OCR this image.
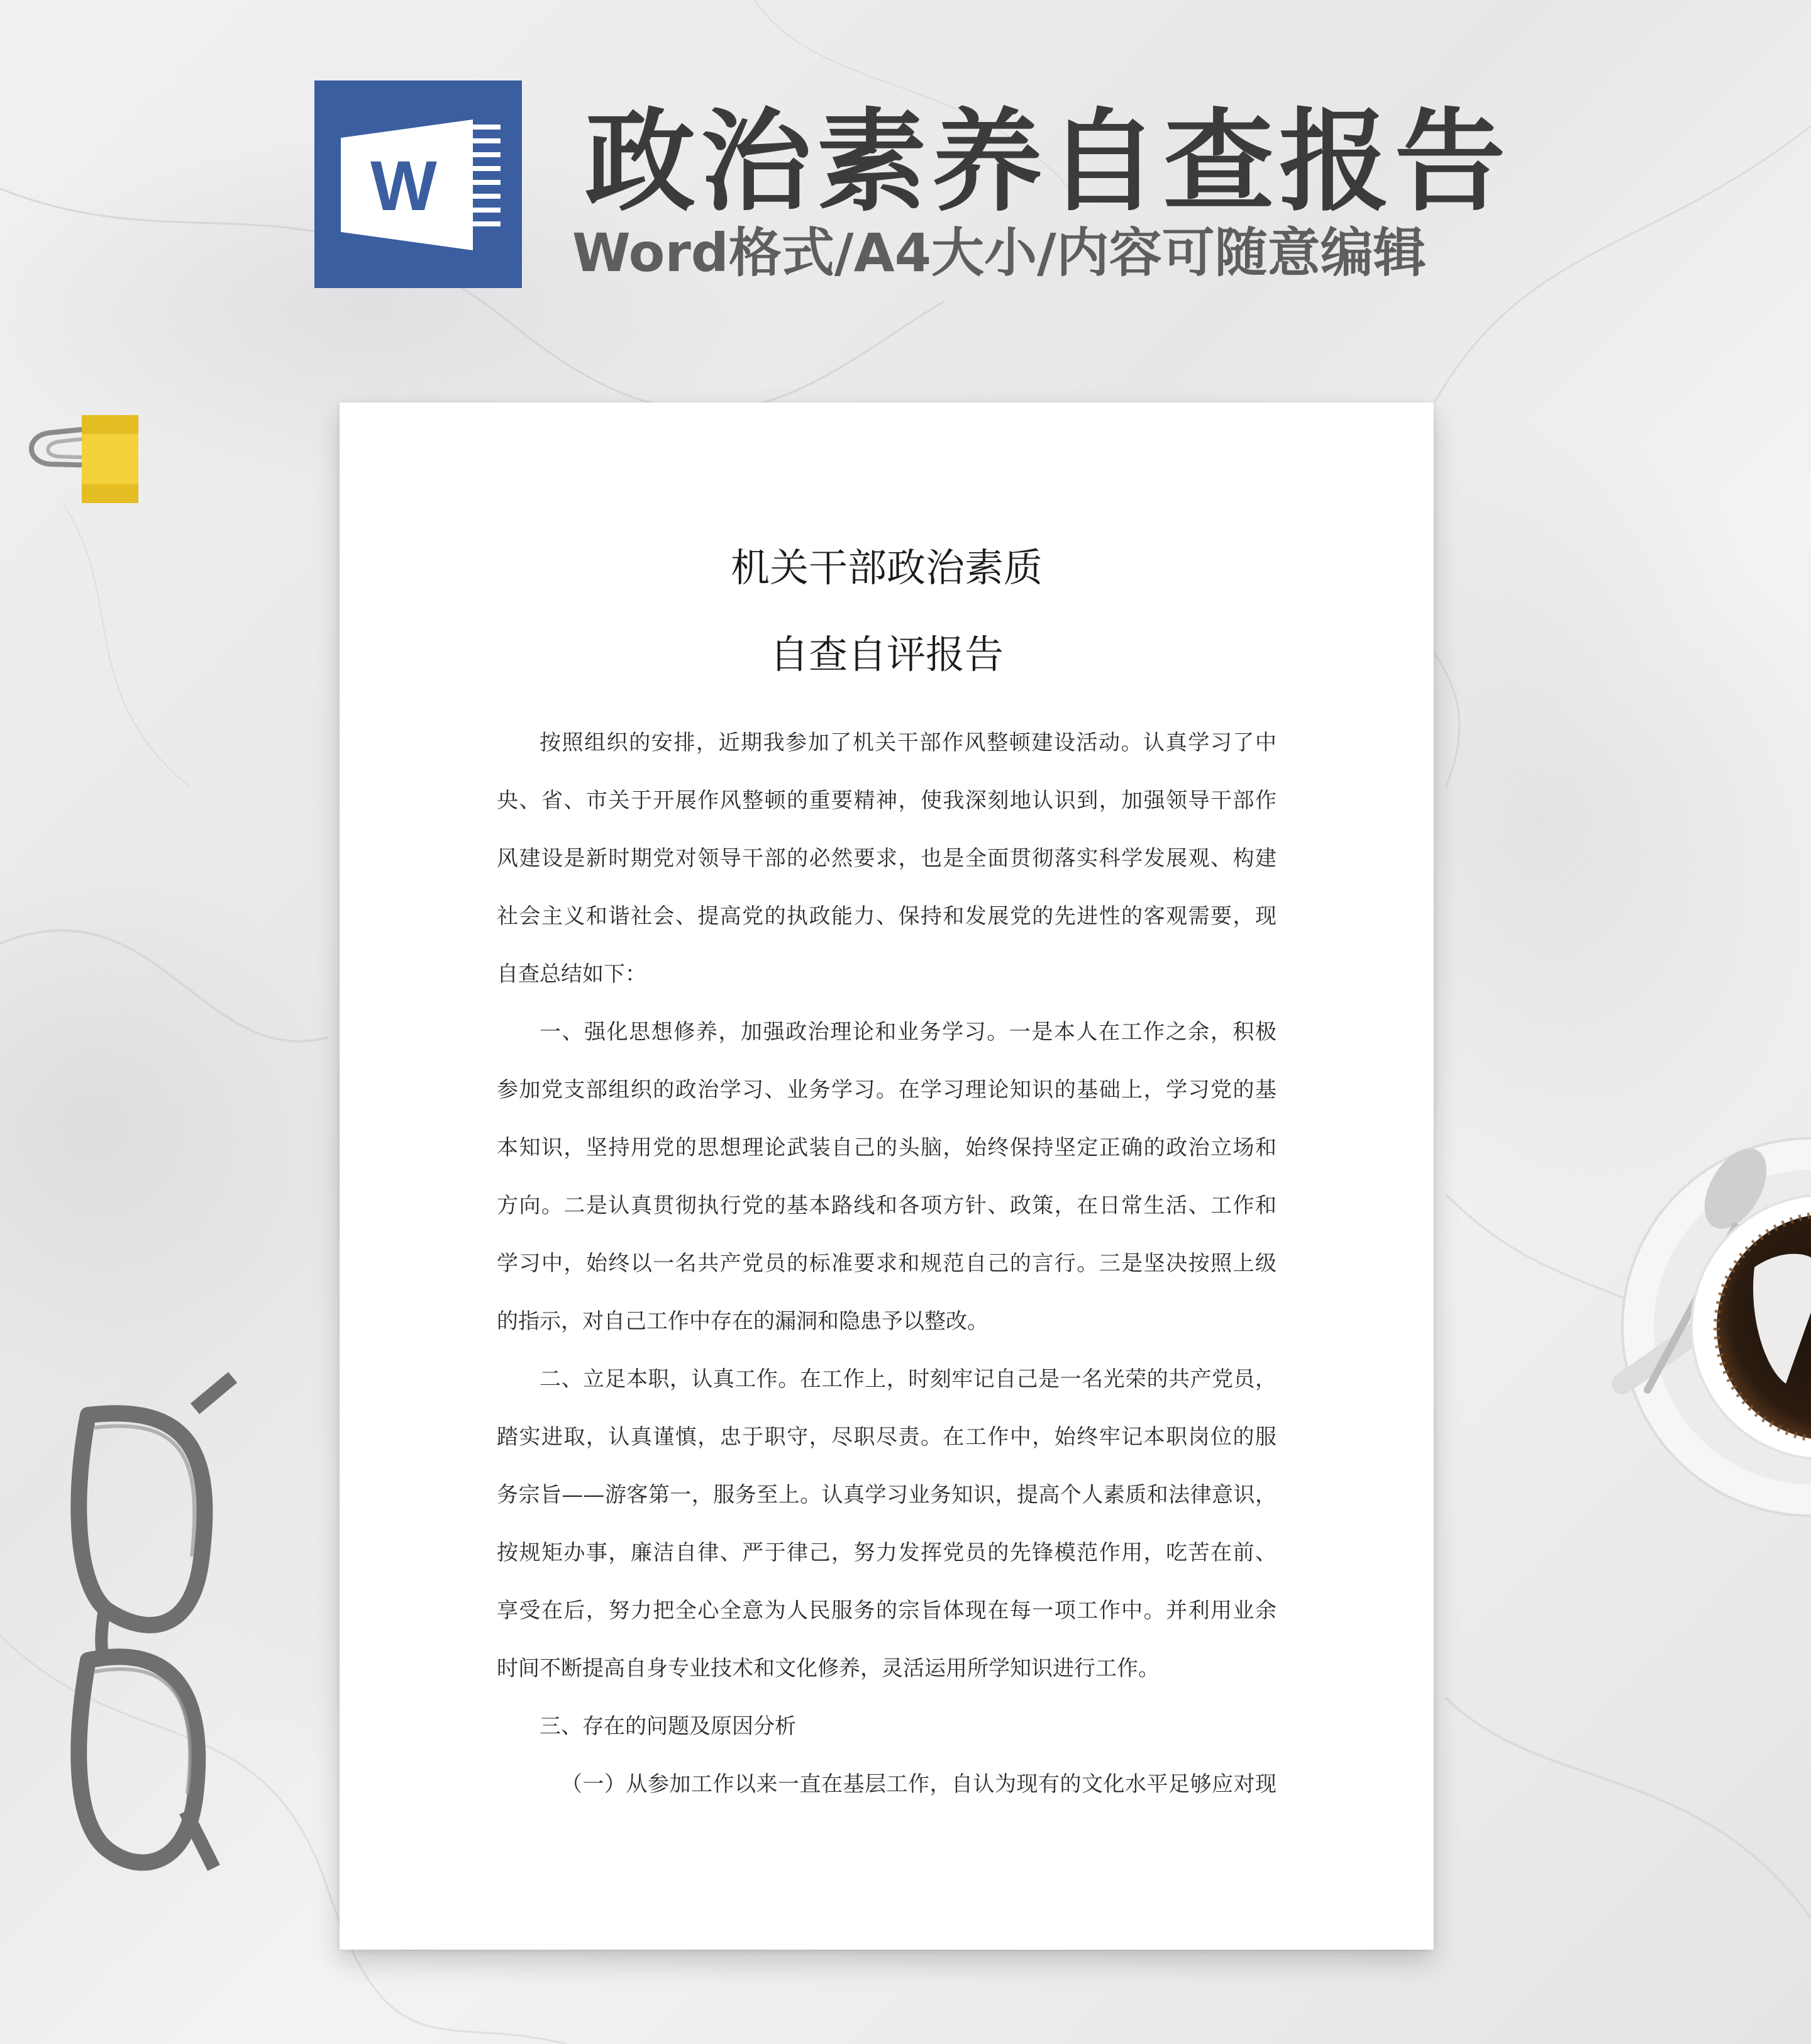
W 政治素养自查报告
Word格式/A4大小/内容可随意编辑
机关干部政治素质
自查自评报告
按照组织的安排，近期我参加了机关干部作风整顿建设活动。认真学习了中
央、省、市关于开展作风整顿的重要精神，使我深刻地认识到，加强领导干部作
风建设是新时期党对领导干部的必然要求，也是全面贯彻落实科学发展观、构建
社会主义和谐社会、提高党的执政能力、保持和发展党的先进性的客观需要，现
自查总结如下：
一、强化思想修养，加强政治理论和业务学习。一是本人在工作之余，积极
参加党支部组织的政治学习、业务学习。在学习理论知识的基础上，学习党的基
本知识，坚持用党的思想理论武装自己的头脑，始终保持坚定正确的政治立场和
方向。二是认真贯彻执行党的基本路线和各项方针、政策，在日常生活、工作和
学习中，始终以一名共产党员的标准要求和规范自己的言行。三是坚决按照上级
的指示，对自己工作中存在的漏洞和隐患予以整改。
二、立足本职，认真工作。在工作上，时刻牢记自己是一名光荣的共产党员，
踏实进取，认真谨慎，忠于职守，尽职尽责。在工作中，始终牢记本职岗位的服
务宗旨——游客第一，服务至上。认真学习业务知识，提高个人素质和法律意识，
按规矩办事，廉洁自律、严于律己，努力发挥党员的先锋模范作用，吃苦在前、
享受在后，努力把全心全意为人民服务的宗旨体现在每一项工作中。并利用业余
时间不断提高自身专业技术和文化修养，灵活运用所学知识进行工作。
三、存在的问题及原因分析
（一）从参加工作以来一直在基层工作，自认为现有的文化水平足够应对现
